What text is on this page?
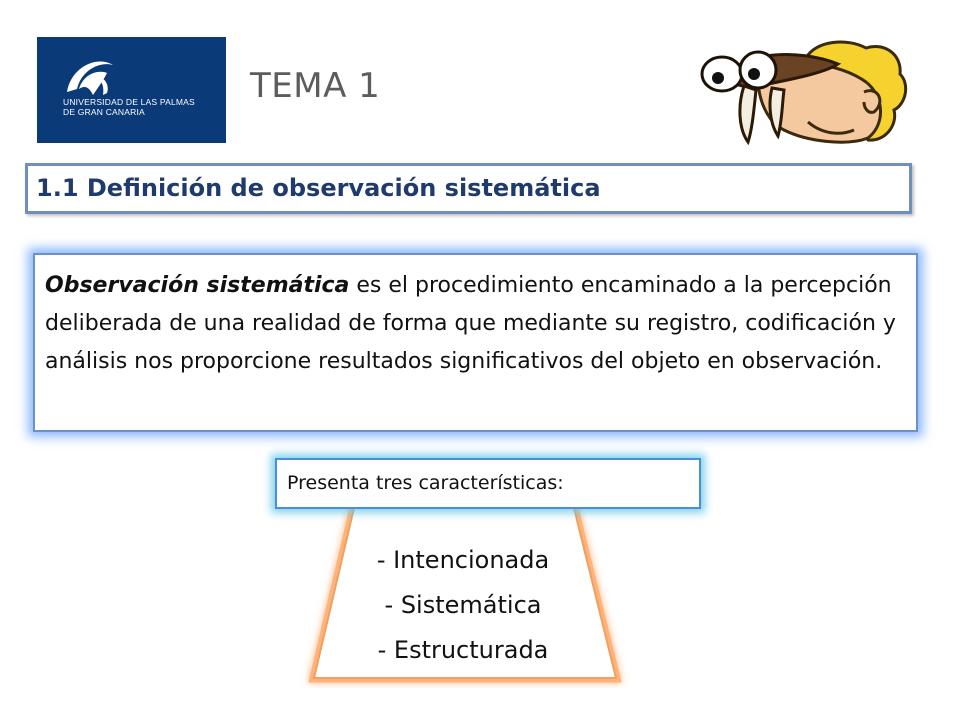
UNIVERSIDAD DE LAS PALMAS
DE GRAN CANARIA
TEMA 1
1.1 Definición de observación sistemática

Observación sistemática es el procedimiento encaminado a la percepción deliberada de una realidad de forma que mediante su registro, codificación y análisis nos proporcione resultados significativos del objeto en observación.

- Intencionada
- Sistemática
- Estructurada
Presenta tres características:
